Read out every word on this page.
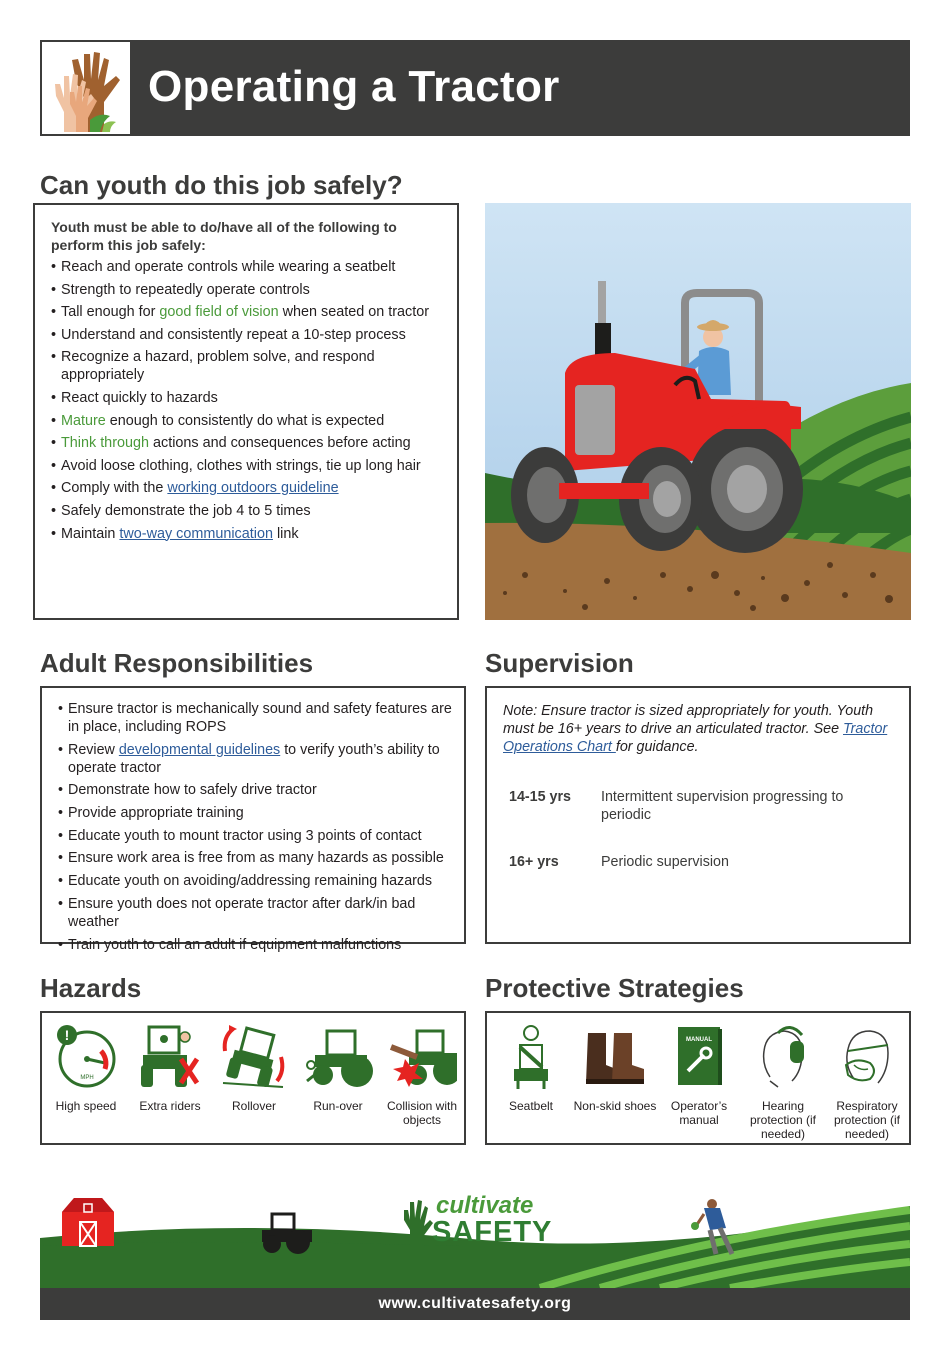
Operating a Tractor
Can youth do this job safely?
Youth must be able to do/have all of the following to perform this job safely:
• Reach and operate controls while wearing a seatbelt
• Strength to repeatedly operate controls
• Tall enough for good field of vision when seated on tractor
• Understand and consistently repeat a 10-step process
• Recognize a hazard, problem solve, and respond appropriately
• React quickly to hazards
• Mature enough to consistently do what is expected
• Think through actions and consequences before acting
• Avoid loose clothing, clothes with strings, tie up long hair
• Comply with the working outdoors guideline
• Safely demonstrate the job 4 to 5 times
• Maintain two-way communication link
Adult Responsibilities
• Ensure tractor is mechanically sound and safety features are in place, including ROPS
• Review developmental guidelines to verify youth’s ability to operate tractor
• Demonstrate how to safely drive tractor
• Provide appropriate training
• Educate youth to mount tractor using 3 points of contact
• Ensure work area is free from as many hazards as possible
• Educate youth on avoiding/addressing remaining hazards
• Ensure youth does not operate tractor after dark/in bad weather
• Train youth to call an adult if equipment malfunctions
Supervision

Note: Ensure tractor is sized appropriately for youth. Youth must be 16+ years to drive an articulated tractor. See Tractor Operations Chart for guidance.

14-15 yrs	Intermittent supervision progressing to periodic
16+ yrs	Periodic supervision
Hazards
!
MPH
High speed	Extra riders	Rollover	Run-over	Collision with objects
Protective Strategies
Seatbelt	Non-skid shoes
MANUAL
Operator’s manual
Hearing protection (if needed)
Respiratory protection (if needed)
cultivate
SAFETY
www.cultivatesafety.org
